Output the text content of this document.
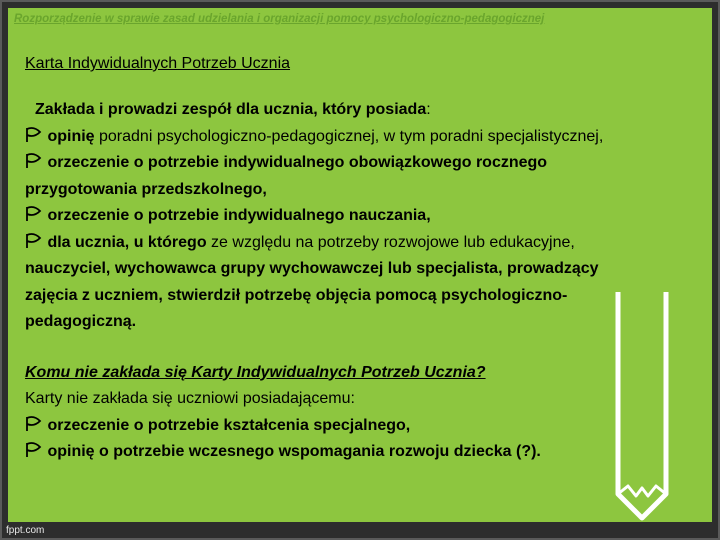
Rozporządzenie w sprawie zasad udzielania i organizacji pomocy psychologiczno-pedagogicznej
Karta Indywidualnych Potrzeb Ucznia
Zakłada i prowadzi zespół dla ucznia, który posiada:
opinię poradni psychologiczno-pedagogicznej, w tym poradni specjalistycznej,
orzeczenie o potrzebie indywidualnego obowiązkowego rocznego
przygotowania przedszkolnego,
orzeczenie o potrzebie indywidualnego nauczania,
dla ucznia, u którego ze względu na potrzeby rozwojowe lub edukacyjne,
nauczyciel, wychowawca grupy wychowawczej lub specjalista, prowadzący
zajęcia z uczniem, stwierdził potrzebę objęcia pomocą psychologiczno-
pedagogiczną.
Komu nie zakłada się Karty Indywidualnych Potrzeb Ucznia?
Karty nie zakłada się uczniowi posiadającemu:
orzeczenie o potrzebie kształcenia specjalnego,
opinię o potrzebie wczesnego wspomagania rozwoju dziecka (?).
fppt.com
